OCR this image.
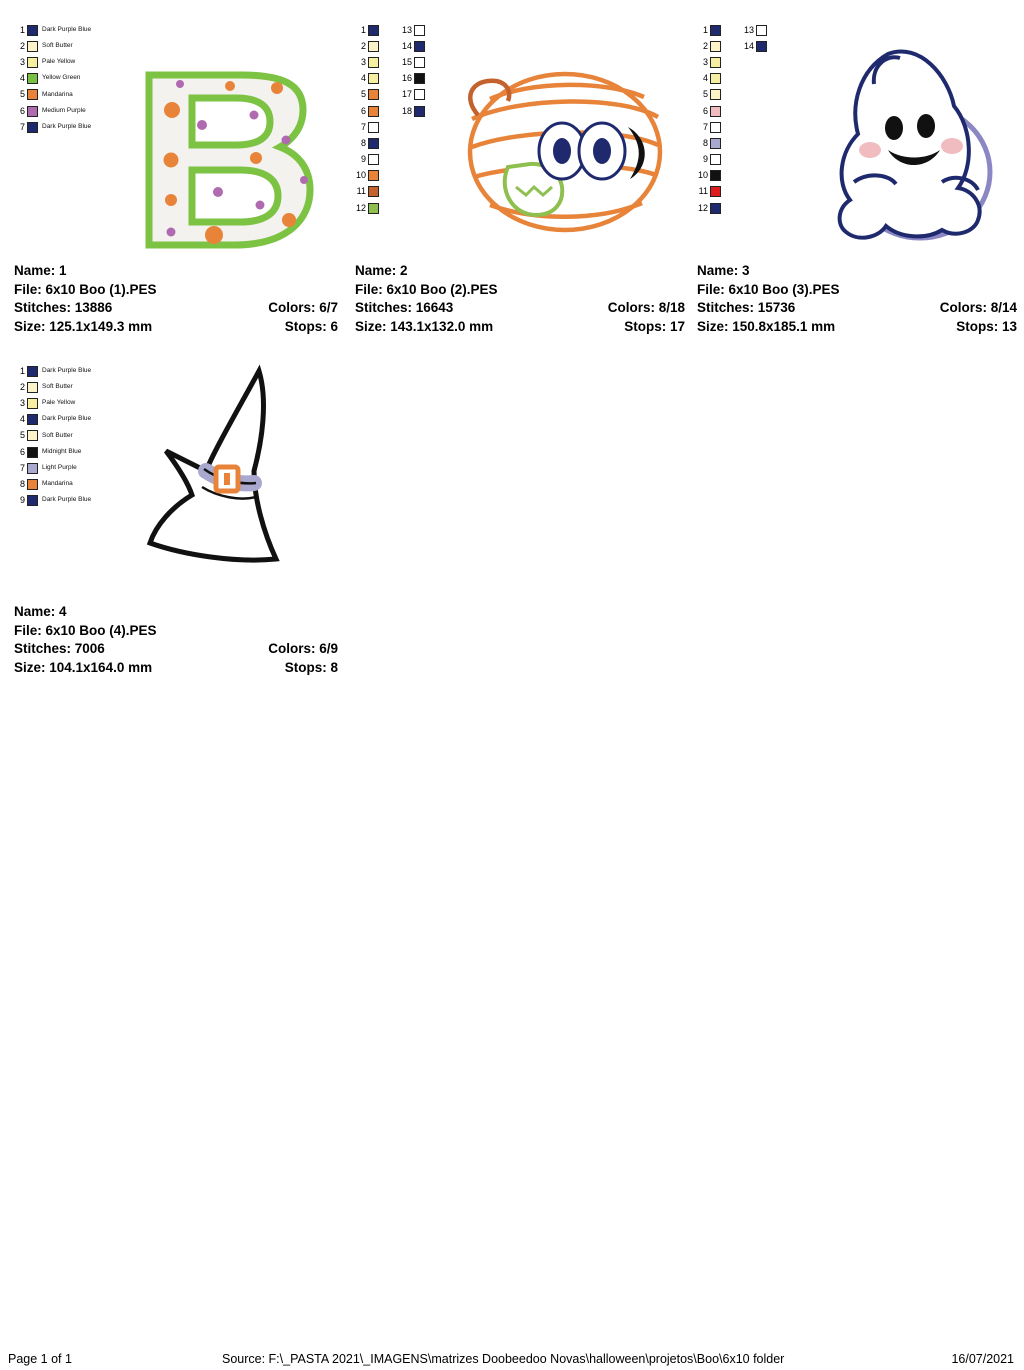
1	Dark Purple Blue
2	Soft Butter
3	Pale Yellow
4	Yellow Green
5	Mandarina
6	Medium Purple
7	Dark Purple Blue
Name: 1
File: 6x10 Boo (1).PES
Stitches: 13886	Colors: 6/7
Size: 125.1x149.3 mm	Stops: 6
1
2
3
4
5
6
7
8
9
10
11
12
13
14
15
16
17
18
Name: 2
File: 6x10 Boo (2).PES
Stitches: 16643	Colors: 8/18
Size: 143.1x132.0 mm	Stops: 17
1
2
3
4
5
6
7
8
9
10
11
12
13
14
Name: 3
File: 6x10 Boo (3).PES
Stitches: 15736	Colors: 8/14
Size: 150.8x185.1 mm	Stops: 13
1	Dark Purple Blue
2	Soft Butter
3	Pale Yellow
4	Dark Purple Blue
5	Soft Butter
6	Midnight Blue
7	Light Purple
8	Mandarina
9	Dark Purple Blue
Name: 4
File: 6x10 Boo (4).PES
Stitches: 7006	Colors: 6/9
Size: 104.1x164.0 mm	Stops: 8
Page 1 of 1	Source: F:\_PASTA 2021\_IMAGENS\matrizes Doobeedoo Novas\halloween\projetos\Boo\6x10 folder	16/07/2021
